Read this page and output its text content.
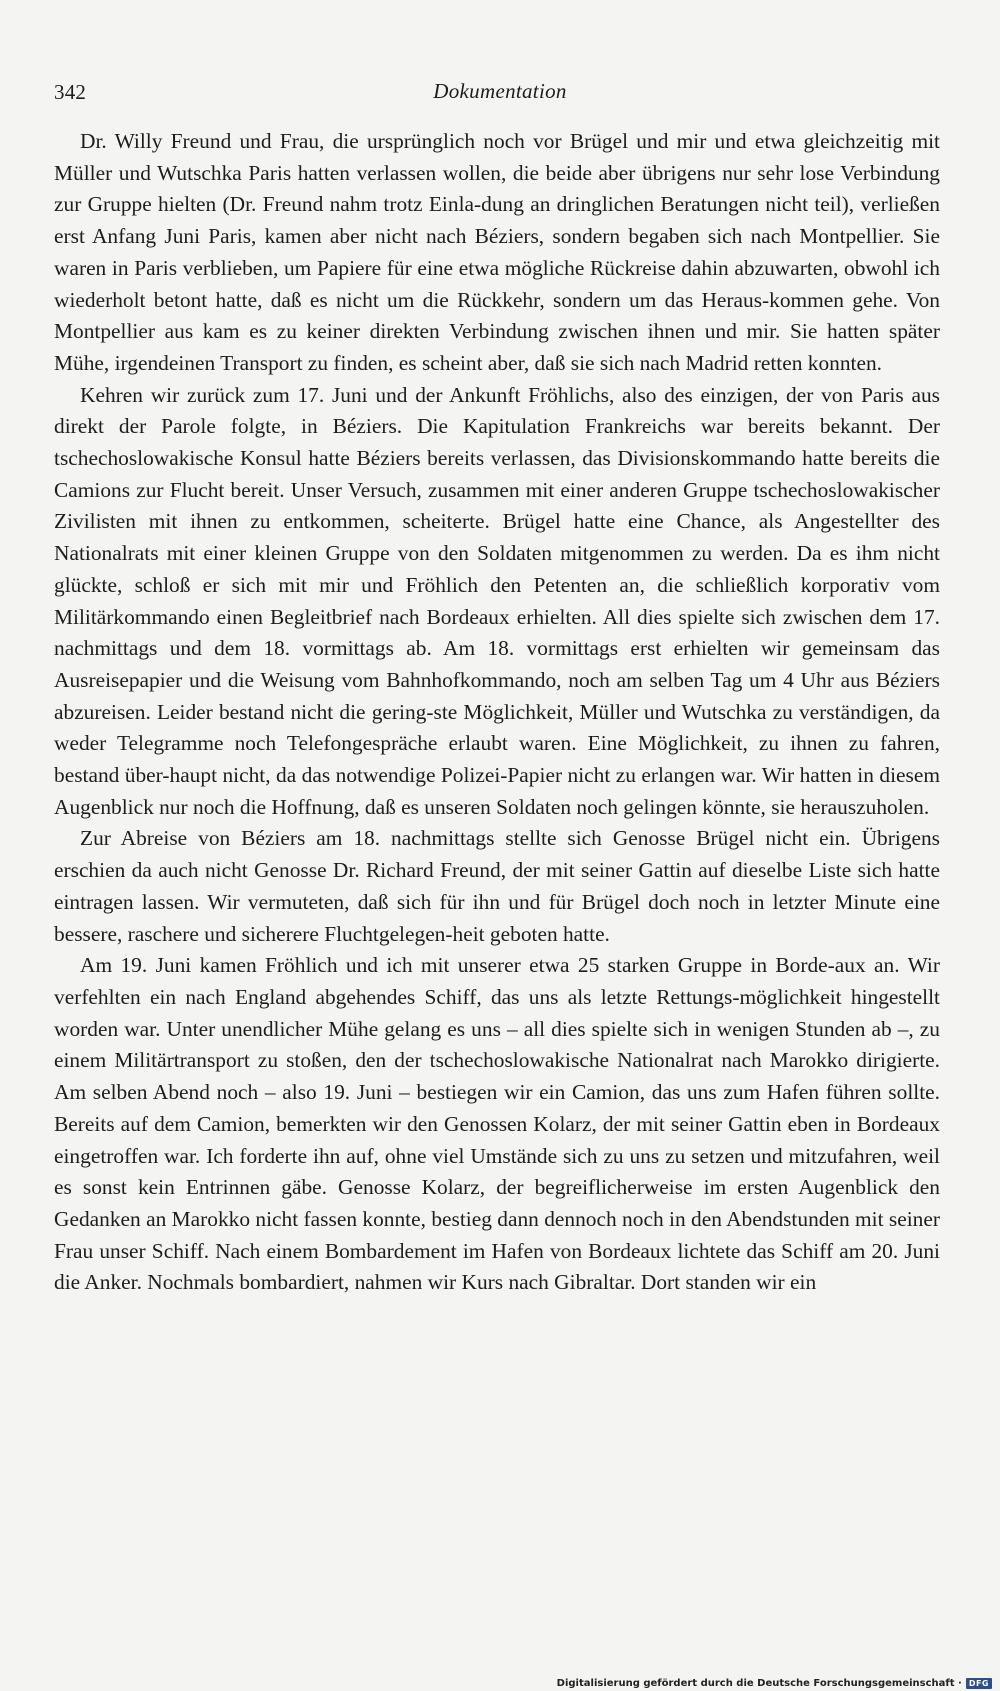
342	Dokumentation

Dr. Willy Freund und Frau, die ursprünglich noch vor Brügel und mir und etwa gleichzeitig mit Müller und Wutschka Paris hatten verlassen wollen, die beide aber übrigens nur sehr lose Verbindung zur Gruppe hielten (Dr. Freund nahm trotz Einla-dung an dringlichen Beratungen nicht teil), verließen erst Anfang Juni Paris, kamen aber nicht nach Béziers, sondern begaben sich nach Montpellier. Sie waren in Paris verblieben, um Papiere für eine etwa mögliche Rückreise dahin abzuwarten, obwohl ich wiederholt betont hatte, daß es nicht um die Rückkehr, sondern um das Heraus-kommen gehe. Von Montpellier aus kam es zu keiner direkten Verbindung zwischen ihnen und mir. Sie hatten später Mühe, irgendeinen Transport zu finden, es scheint aber, daß sie sich nach Madrid retten konnten.

Kehren wir zurück zum 17. Juni und der Ankunft Fröhlichs, also des einzigen, der von Paris aus direkt der Parole folgte, in Béziers. Die Kapitulation Frankreichs war bereits bekannt. Der tschechoslowakische Konsul hatte Béziers bereits verlassen, das Divisionskommando hatte bereits die Camions zur Flucht bereit. Unser Versuch, zusammen mit einer anderen Gruppe tschechoslowakischer Zivilisten mit ihnen zu entkommen, scheiterte. Brügel hatte eine Chance, als Angestellter des Nationalrats mit einer kleinen Gruppe von den Soldaten mitgenommen zu werden. Da es ihm nicht glückte, schloß er sich mit mir und Fröhlich den Petenten an, die schließlich korporativ vom Militärkommando einen Begleitbrief nach Bordeaux erhielten. All dies spielte sich zwischen dem 17. nachmittags und dem 18. vormittags ab. Am 18. vormittags erst erhielten wir gemeinsam das Ausreisepapier und die Weisung vom Bahnhofkommando, noch am selben Tag um 4 Uhr aus Béziers abzureisen. Leider bestand nicht die gering-ste Möglichkeit, Müller und Wutschka zu verständigen, da weder Telegramme noch Telefongespräche erlaubt waren. Eine Möglichkeit, zu ihnen zu fahren, bestand über-haupt nicht, da das notwendige Polizei-Papier nicht zu erlangen war. Wir hatten in diesem Augenblick nur noch die Hoffnung, daß es unseren Soldaten noch gelingen könnte, sie herauszuholen.

Zur Abreise von Béziers am 18. nachmittags stellte sich Genosse Brügel nicht ein. Übrigens erschien da auch nicht Genosse Dr. Richard Freund, der mit seiner Gattin auf dieselbe Liste sich hatte eintragen lassen. Wir vermuteten, daß sich für ihn und für Brügel doch noch in letzter Minute eine bessere, raschere und sicherere Fluchtgelegen-heit geboten hatte.

Am 19. Juni kamen Fröhlich und ich mit unserer etwa 25 starken Gruppe in Borde-aux an. Wir verfehlten ein nach England abgehendes Schiff, das uns als letzte Rettungs-möglichkeit hingestellt worden war. Unter unendlicher Mühe gelang es uns – all dies spielte sich in wenigen Stunden ab –, zu einem Militärtransport zu stoßen, den der tschechoslowakische Nationalrat nach Marokko dirigierte. Am selben Abend noch – also 19. Juni – bestiegen wir ein Camion, das uns zum Hafen führen sollte. Bereits auf dem Camion, bemerkten wir den Genossen Kolarz, der mit seiner Gattin eben in Bordeaux eingetroffen war. Ich forderte ihn auf, ohne viel Umstände sich zu uns zu setzen und mitzufahren, weil es sonst kein Entrinnen gäbe. Genosse Kolarz, der begreiflicherweise im ersten Augenblick den Gedanken an Marokko nicht fassen konnte, bestieg dann dennoch noch in den Abendstunden mit seiner Frau unser Schiff. Nach einem Bombardement im Hafen von Bordeaux lichtete das Schiff am 20. Juni die Anker. Nochmals bombardiert, nahmen wir Kurs nach Gibraltar. Dort standen wir ein

Digitalisierung gefördert durch die Deutsche Forschungsgemeinschaft · DFG
